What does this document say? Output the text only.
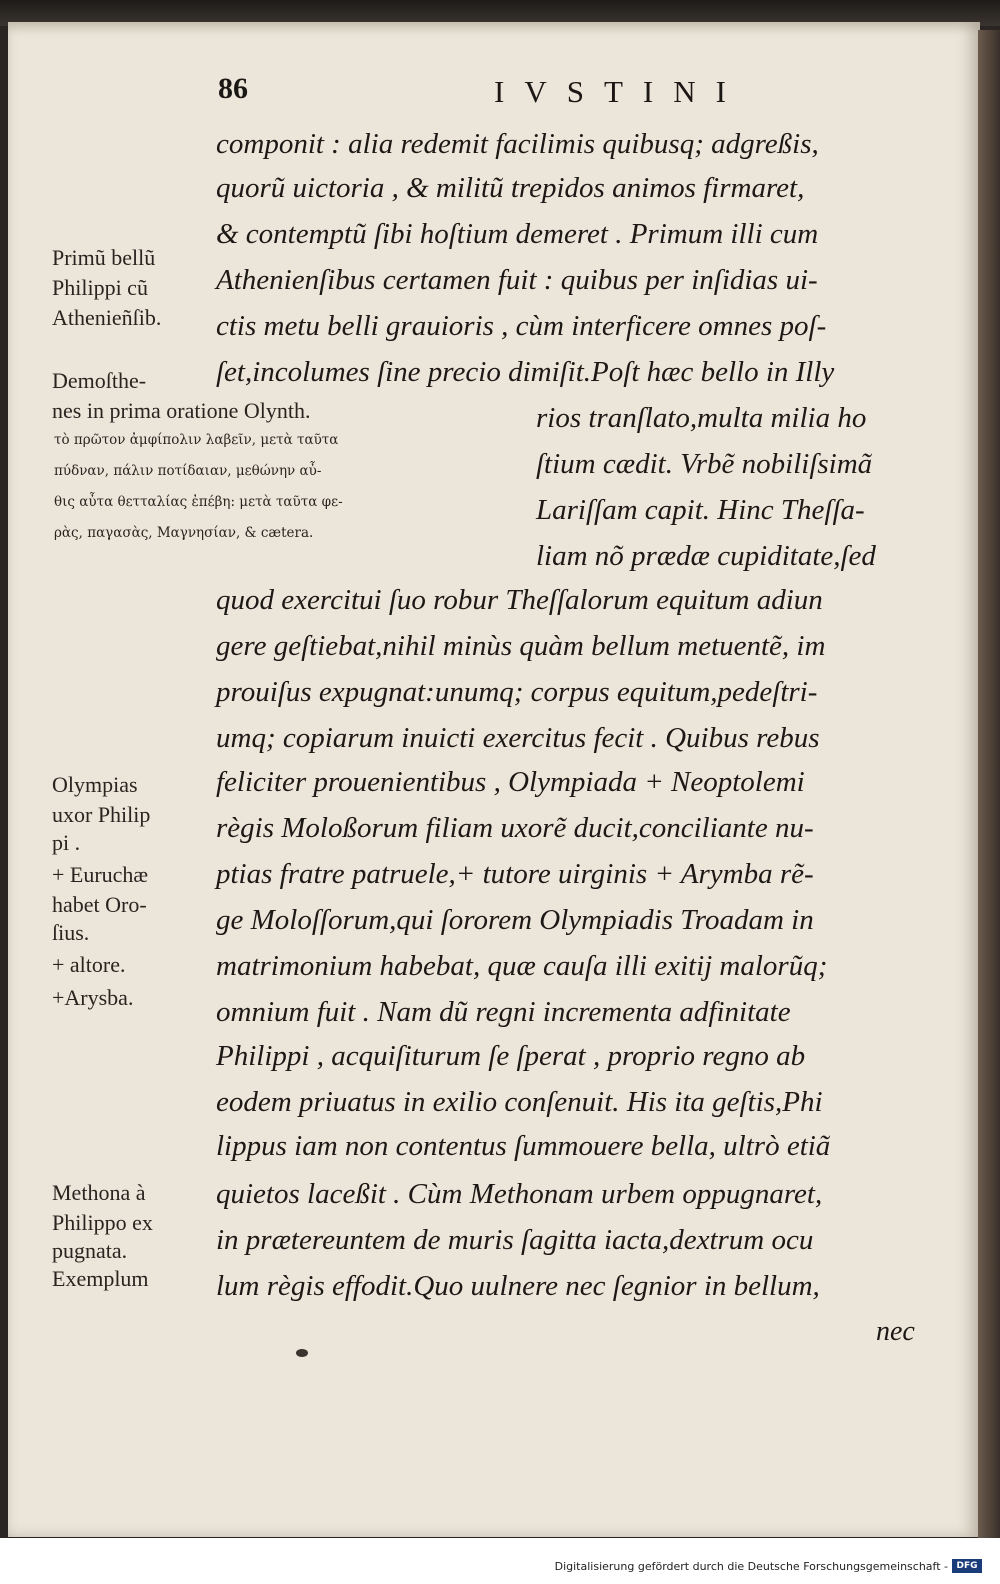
86	IVSTINI
componit : alia redemit facilimis quibusq; adgreßis,
quorũ uictoria , & militũ trepidos animos firmaret,
& contemptũ ſibi hoſtium demeret . Primum illi cum
Athenienſibus certamen fuit : quibus per inſidias ui-
ctis metu belli grauioris , cùm interficere omnes poſ-
ſet,incolumes ſine precio dimiſit.Poſt hæc bello in Illy
rios tranſlato,multa milia ho
ſtium cædit. Vrbẽ nobiliſsimã
Lariſſam capit. Hinc Theſſa-
liam nõ prædæ cupiditate,ſed
quod exercitui ſuo robur Theſſalorum equitum adiun
gere geſtiebat,nihil minùs quàm bellum metuentẽ, im
prouiſus expugnat:unumq; corpus equitum,pedeſtri-
umq; copiarum inuicti exercitus fecit . Quibus rebus
feliciter prouenientibus , Olympiada + Neoptolemi
règis Moloßorum filiam uxorẽ ducit,conciliante nu-
ptias fratre patruele,+ tutore uirginis + Arymba rẽ-
ge Moloſſorum,qui ſororem Olympiadis Troadam in
matrimonium habebat, quæ cauſa illi exitij malorũq;
omnium fuit . Nam dũ regni incrementa adfinitate
Philippi , acquiſiturum ſe ſperat , proprio regno ab
eodem priuatus in exilio conſenuit. His ita geſtis,Phi
lippus iam non contentus ſummouere bella, ultrò etiã
quietos laceßit . Cùm Methonam urbem oppugnaret,
in prætereuntem de muris ſagitta iacta,dextrum ocu
lum règis effodit.Quo uulnere nec ſegnior in bellum,
nec
Primũ bellũ
Philippi cũ
Athenieñſib.
Demoſthe-
nes in prima oratione Olynth.
τὸ πρῶτον ἀμφίπολιν λαβεῖν, μετὰ ταῦτα
πύδναν, πάλιν ποτίδαιαν, μεθώνην αὖ-
θις αὖτα θετταλίας ἐπέβη: μετὰ ταῦτα φε-
ρὰς, παγασὰς, Μαγνησίαν, & cætera.
Olympias
uxor Philip
pi .
+ Euruchæ
habet Oro-
ſius.
+ altore.
+Arysba.
Methona à
Philippo ex
pugnata.
Exemplum
Digitalisierung gefördert durch die Deutsche Forschungsgemeinschaft - DFG
